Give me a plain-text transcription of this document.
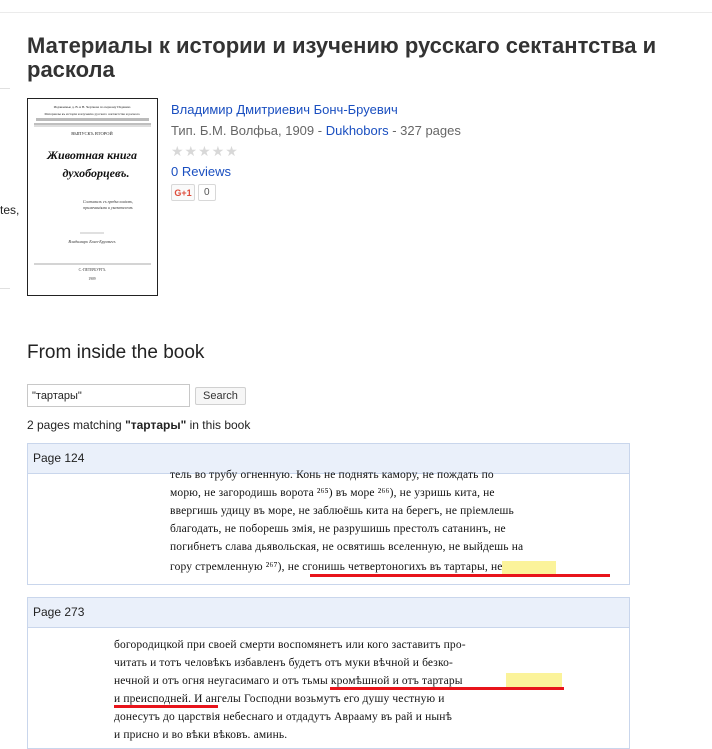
tes,
Материалы к истории и изучению русскаго сектантства и раскола
Издаваемые д. В. и Н. Черткова по первому Изданию
Материалы къ исторіи и изученію русскаго сектантства и раскола
ВЫПУСКЪ ВТОРОЙ
Животная книга
духоборцевъ.
Составилъ съ предисловіемъ,
примечаніями и указателемъ
Владимиръ Бонч-Бруевичъ
С.-ПЕТЕРБУРГЪ
1909
Владимир Дмитриевич Бонч-Бруевич
Тип. Б.М. Волфьа, 1909 - Dukhobors - 327 pages
★★★★★
0 Reviews
G+1	0
From inside the book
"тартары"
Search
2 pages matching "тартары" in this book
Page 124
тель во трубу огненную. Конь не поднять камору, не пождать по
морю, не загородишь ворота ²⁶⁵) въ море ²⁶⁶), не узришь кита, не
ввергишь удицу въ море, не заблюёшь кита на берегъ, не пріемлешь
благодать, не поборешь змія, не разрушишь престолъ сатанинъ, не
погибнетъ слава дьявольская, не освятишь вселенную, не выйдешь на
гору стремленную ²⁶⁷), не сгонишь четвертоногихъ въ тартары, не
Page 273
богородицкой при своей смерти воспомянетъ или кого заставитъ про-
читать и тотъ человѣкъ избавленъ будетъ отъ муки вѣчной и безко-
нечной и отъ огня неугасимаго и отъ тьмы кромѣшной и отъ тартары
и преисподней. И ангелы Господни возьмутъ его душу честную и
донесутъ до царствія небеснаго и отдадутъ Аврааму въ рай и нынѣ
и присно и во вѣки вѣковъ. аминь.
